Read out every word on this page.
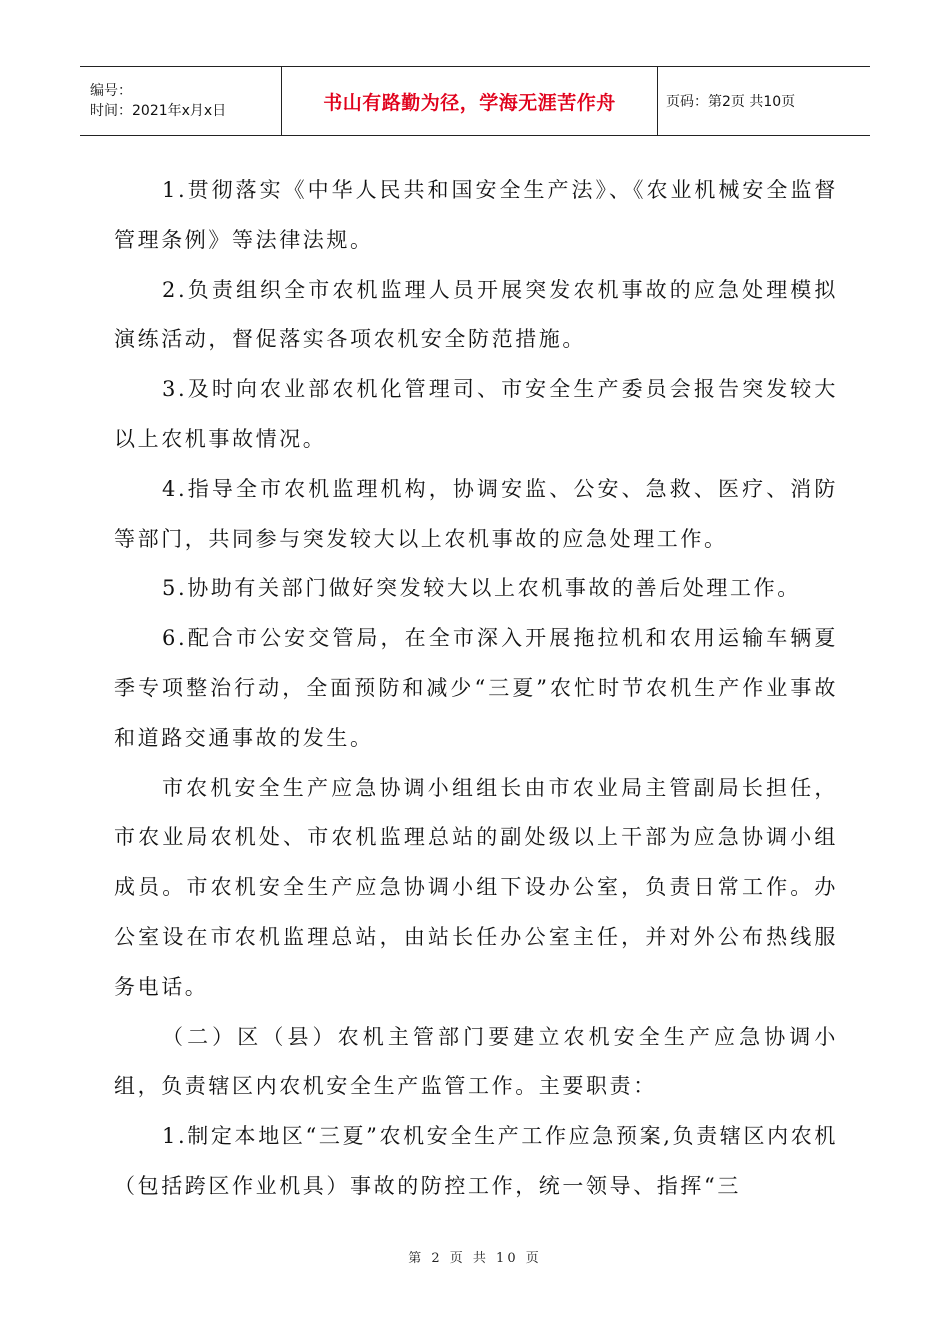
编号：
时间：2021年x月x日	书山有路勤为径，学海无涯苦作舟	页码：第2页 共10页

1.贯彻落实《中华人民共和国安全生产法》、《农业机械安全监督管理条例》等法律法规。

2.负责组织全市农机监理人员开展突发农机事故的应急处理模拟演练活动，督促落实各项农机安全防范措施。

3.及时向农业部农机化管理司、市安全生产委员会报告突发较大以上农机事故情况。

4.指导全市农机监理机构，协调安监、公安、急救、医疗、消防等部门，共同参与突发较大以上农机事故的应急处理工作。

5.协助有关部门做好突发较大以上农机事故的善后处理工作。

6.配合市公安交管局，在全市深入开展拖拉机和农用运输车辆夏季专项整治行动，全面预防和减少“三夏”农忙时节农机生产作业事故和道路交通事故的发生。

市农机安全生产应急协调小组组长由市农业局主管副局长担任，市农业局农机处、市农机监理总站的副处级以上干部为应急协调小组成员。市农机安全生产应急协调小组下设办公室，负责日常工作。办公室设在市农机监理总站，由站长任办公室主任，并对外公布热线服务电话。

（二）区（县）农机主管部门要建立农机安全生产应急协调小组，负责辖区内农机安全生产监管工作。主要职责：

1.制定本地区“三夏”农机安全生产工作应急预案,负责辖区内农机（包括跨区作业机具）事故的防控工作，统一领导、指挥“三

第 2 页 共 10 页
